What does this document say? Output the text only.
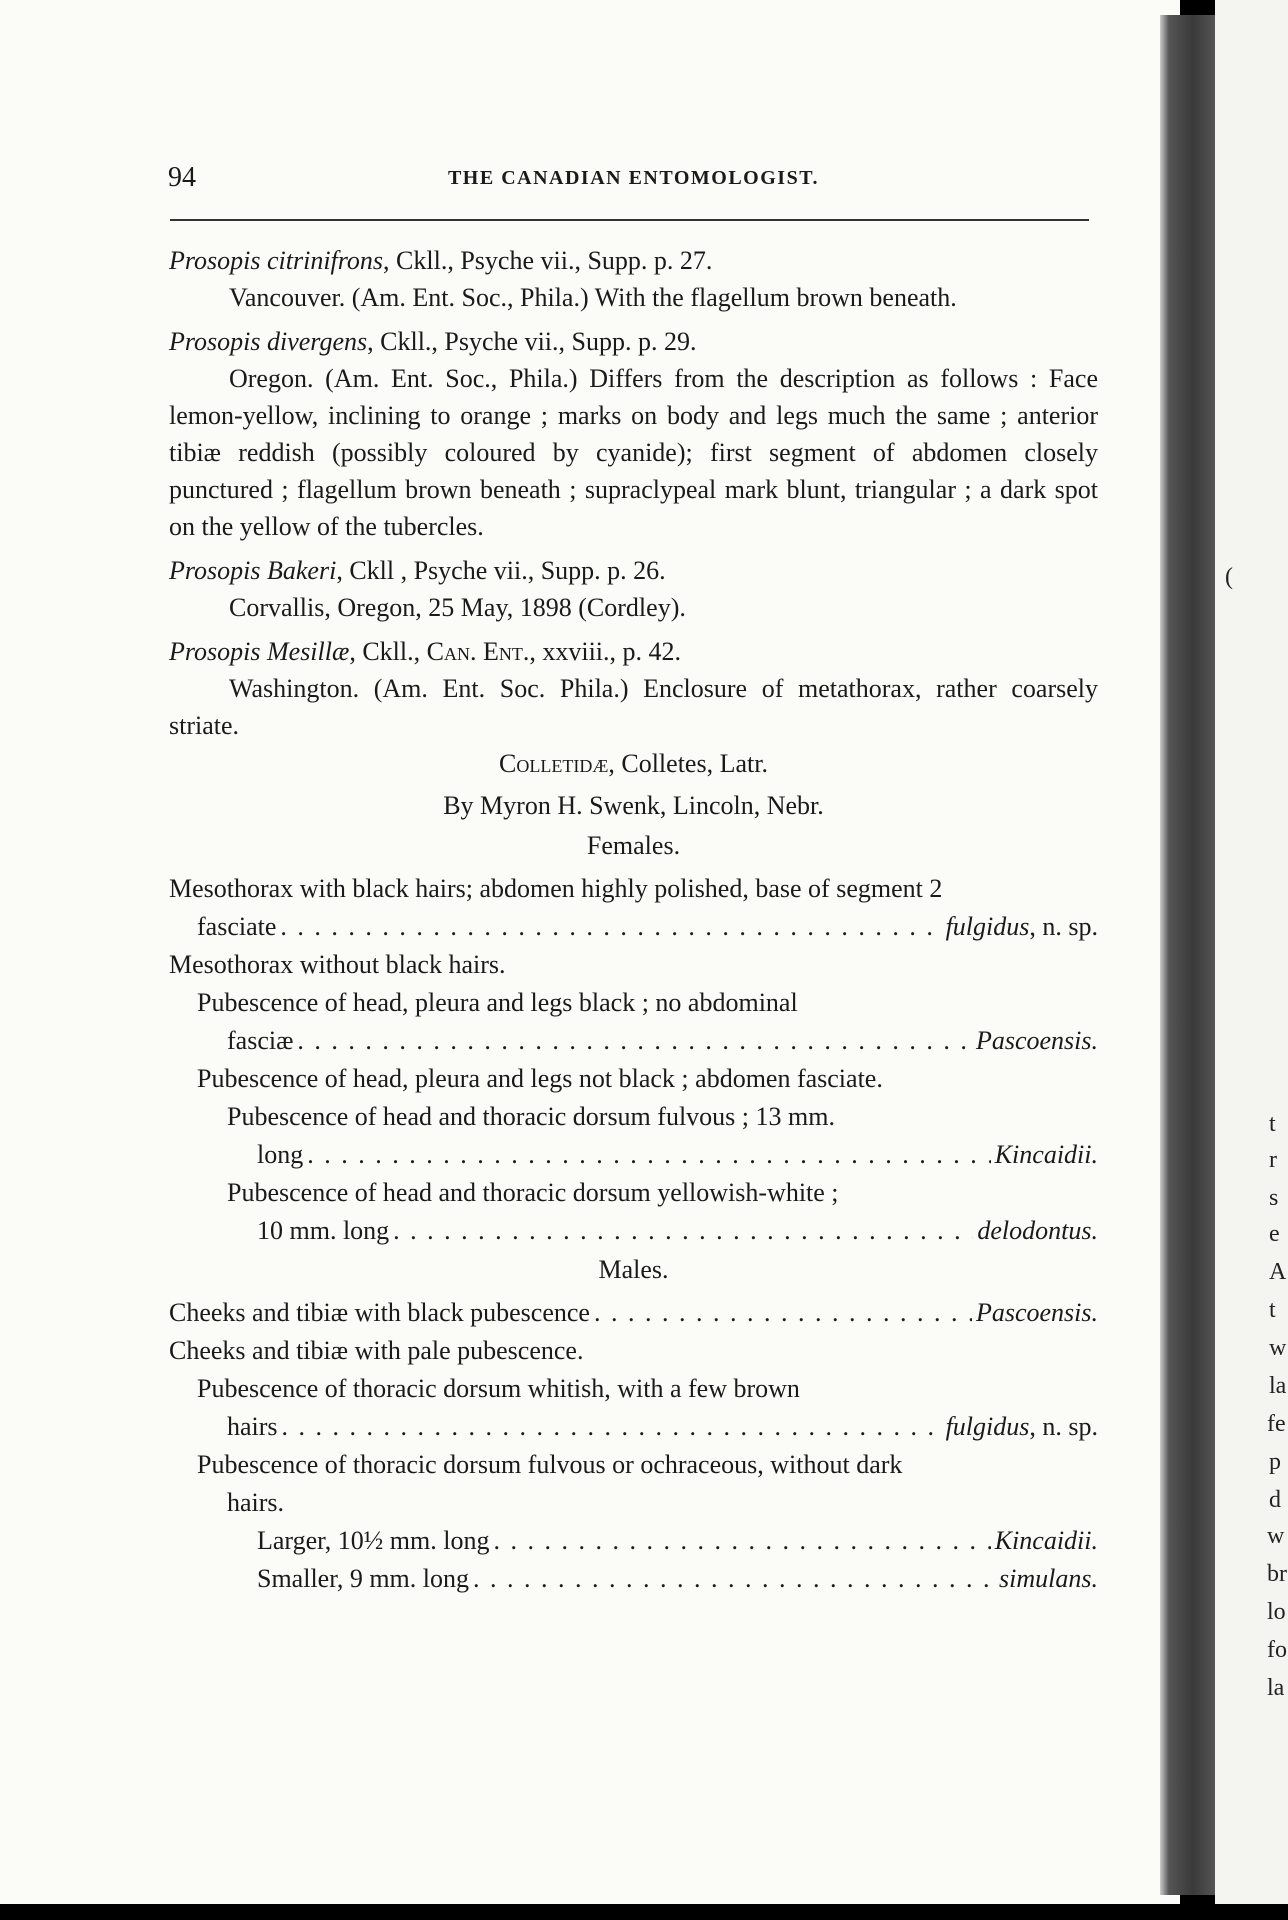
94	THE CANADIAN ENTOMOLOGIST.

Prosopis citrinifrons, Ckll., Psyche vii., Supp. p. 27.

Vancouver. (Am. Ent. Soc., Phila.) With the flagellum brown beneath.

Prosopis divergens, Ckll., Psyche vii., Supp. p. 29.

Oregon. (Am. Ent. Soc., Phila.) Differs from the description as follows : Face lemon-yellow, inclining to orange ; marks on body and legs much the same ; anterior tibiæ reddish (possibly coloured by cyanide); first segment of abdomen closely punctured ; flagellum brown beneath ; supraclypeal mark blunt, triangular ; a dark spot on the yellow of the tubercles.

Prosopis Bakeri, Ckll , Psyche vii., Supp. p. 26.

Corvallis, Oregon, 25 May, 1898 (Cordley).

Prosopis Mesillæ, Ckll., Can. Ent., xxviii., p. 42.

Washington. (Am. Ent. Soc. Phila.) Enclosure of metathorax, rather coarsely striate.

Colletidæ, Colletes, Latr.
By Myron H. Swenk, Lincoln, Nebr.
Females.
Mesothorax with black hairs; abdomen highly polished, base of segment 2
fasciate . . .	fulgidus, n. sp.
Mesothorax without black hairs.
Pubescence of head, pleura and legs black ; no abdominal
fasciæ . . .	Pascoensis.
Pubescence of head, pleura and legs not black ; abdomen fasciate.
Pubescence of head and thoracic dorsum fulvous ; 13 mm.
long . . .	Kincaidii.
Pubescence of head and thoracic dorsum yellowish-white ;
10 mm. long . . .	delodontus.
Males.
Cheeks and tibiæ with black pubescence . . .	Pascoensis.
Cheeks and tibiæ with pale pubescence.
Pubescence of thoracic dorsum whitish, with a few brown
hairs . . .	fulgidus, n. sp.
Pubescence of thoracic dorsum fulvous or ochraceous, without dark
hairs.
Larger, 10½ mm. long . . .	Kincaidii.
Smaller, 9 mm. long . . .	simulans.
(
t
r
s
e
A
t
w
la
fe
p
d
w
br
lo
fo
la
